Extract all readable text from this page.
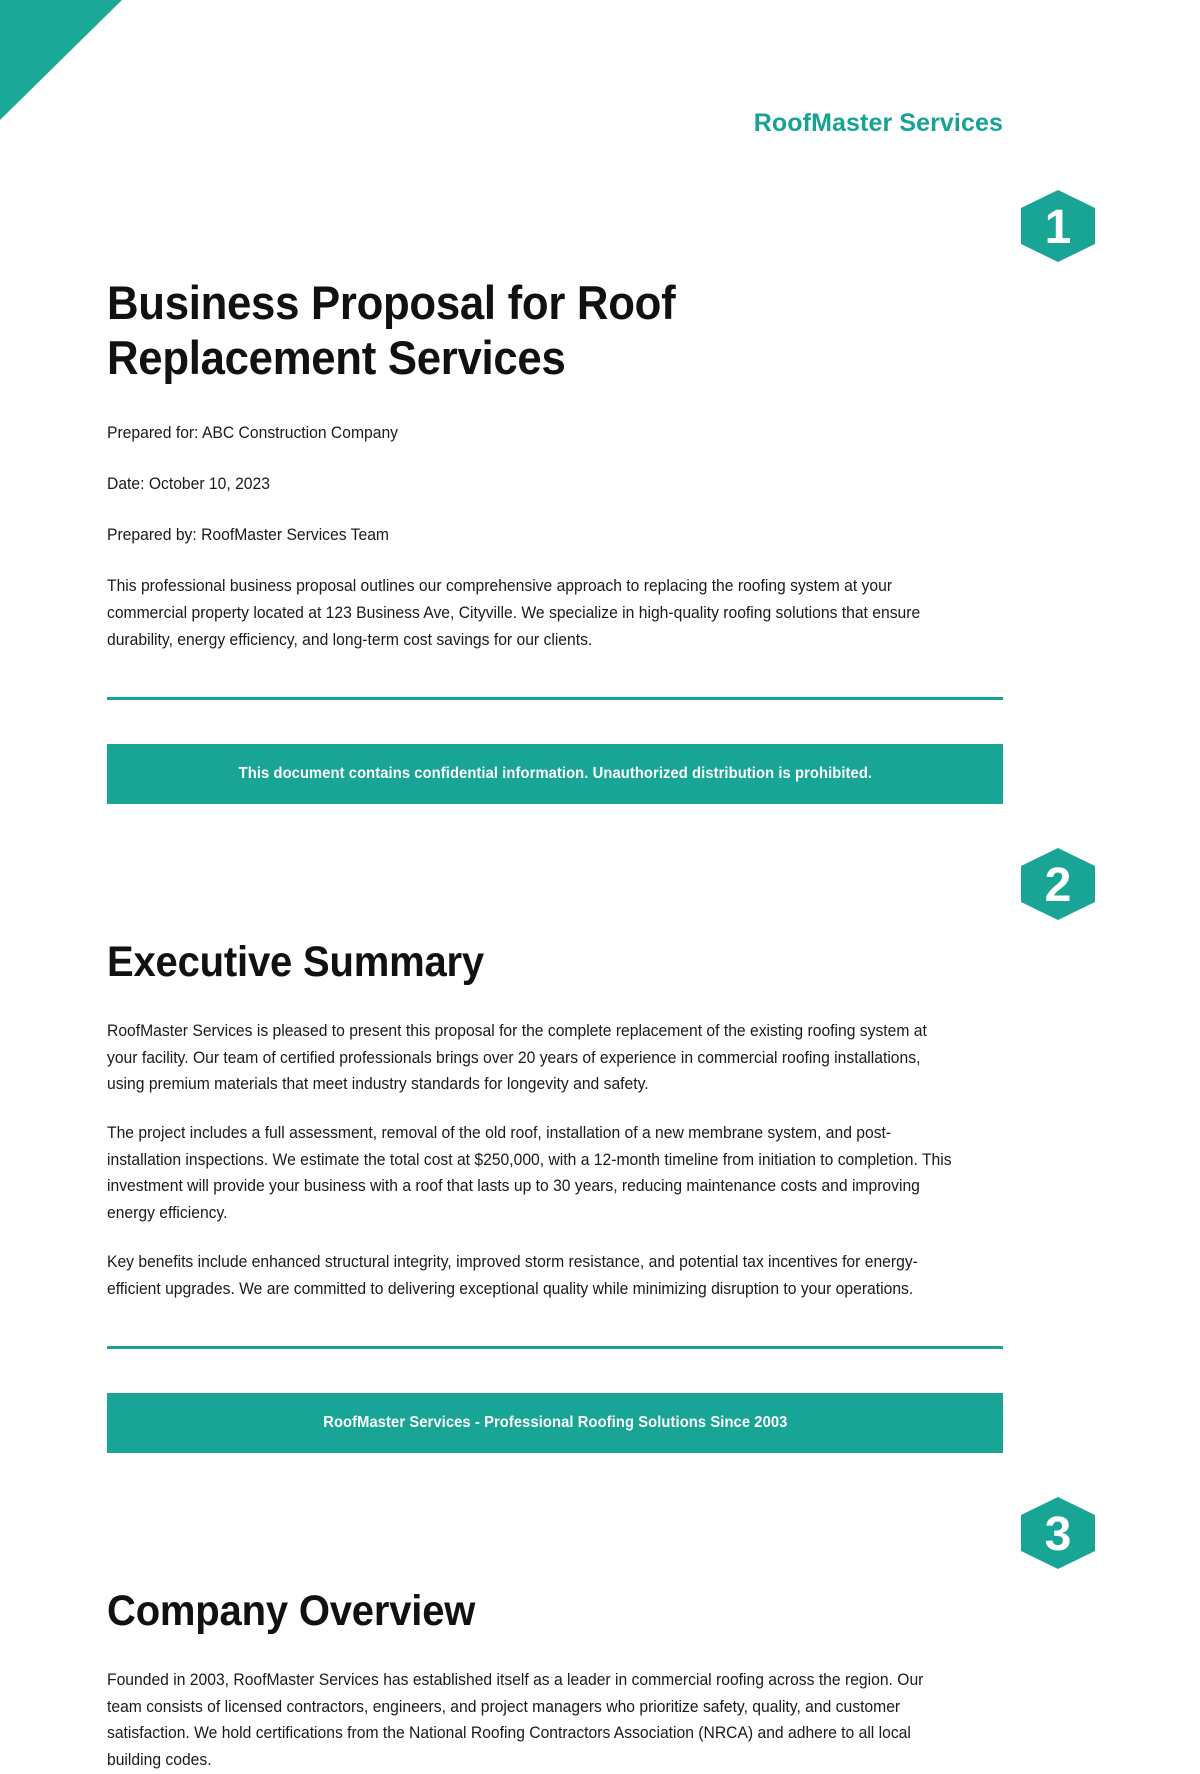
RoofMaster Services
1
Business Proposal for Roof Replacement Services

Prepared for: ABC Construction Company

Date: October 10, 2023

Prepared by: RoofMaster Services Team

This professional business proposal outlines our comprehensive approach to replacing the roofing system at your commercial property located at 123 Business Ave, Cityville. We specialize in high-quality roofing solutions that ensure durability, energy efficiency, and long-term cost savings for our clients.

This document contains confidential information. Unauthorized distribution is prohibited.
2
Executive Summary

RoofMaster Services is pleased to present this proposal for the complete replacement of the existing roofing system at your facility. Our team of certified professionals brings over 20 years of experience in commercial roofing installations, using premium materials that meet industry standards for longevity and safety.

The project includes a full assessment, removal of the old roof, installation of a new membrane system, and post-installation inspections. We estimate the total cost at $250,000, with a 12-month timeline from initiation to completion. This investment will provide your business with a roof that lasts up to 30 years, reducing maintenance costs and improving energy efficiency.

Key benefits include enhanced structural integrity, improved storm resistance, and potential tax incentives for energy-efficient upgrades. We are committed to delivering exceptional quality while minimizing disruption to your operations.

RoofMaster Services - Professional Roofing Solutions Since 2003
3
Company Overview

Founded in 2003, RoofMaster Services has established itself as a leader in commercial roofing across the region. Our team consists of licensed contractors, engineers, and project managers who prioritize safety, quality, and customer satisfaction. We hold certifications from the National Roofing Contractors Association (NRCA) and adhere to all local building codes.
